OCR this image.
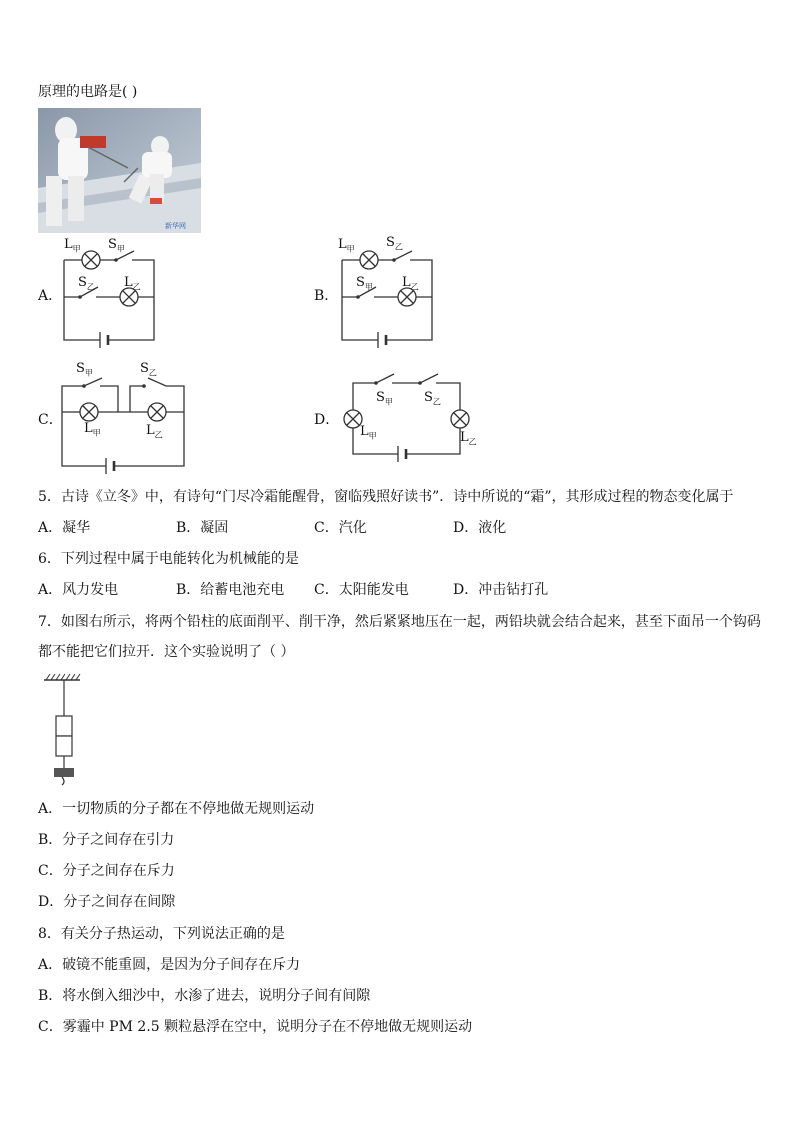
原理的电路是( )
新华网
A．
$L_甲$ $S_甲$
$S_乙$ $L_乙$
B．
$L_甲$ $S_乙$
$S_甲$ $L_乙$
C．
$S_甲$	$S_乙$
$L_甲$	$L_乙$
D．
$S_甲$ $S_乙$
$L_甲$	$L_乙$
5．古诗《立冬》中，有诗句“门尽冷霜能醒骨，窗临残照好读书”．诗中所说的“霜”，其形成过程的物态变化属于
A．凝华	B．凝固	C．汽化	D．液化
6．下列过程中属于电能转化为机械能的是
A．风力发电	B．给蓄电池充电 C．太阳能发电	D．冲击钻打孔
7．如图右所示，将两个铅柱的底面削平、削干净，然后紧紧地压在一起，两铅块就会结合起来，甚至下面吊一个钩码
都不能把它们拉开．这个实验说明了（ ）
A．一切物质的分子都在不停地做无规则运动
B．分子之间存在引力
C．分子之间存在斥力
D．分子之间存在间隙
8．有关分子热运动，下列说法正确的是
A．破镜不能重圆，是因为分子间存在斥力
B．将水倒入细沙中，水渗了进去，说明分子间有间隙
C．雾霾中 PM 2.5 颗粒悬浮在空中，说明分子在不停地做无规则运动
